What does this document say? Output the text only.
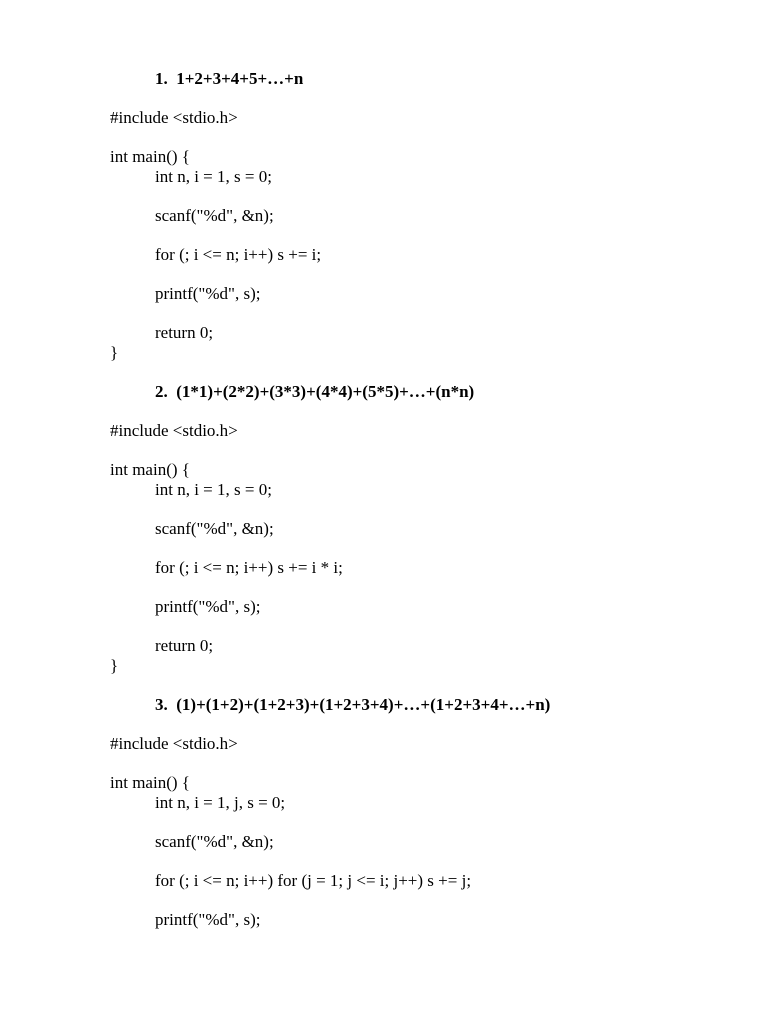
1.  1+2+3+4+5+…+n
#include <stdio.h>
int main() {
int n, i = 1, s = 0;
scanf("%d", &n);
for (; i <= n; i++) s += i;
printf("%d", s);
return 0;
}
2.  (1*1)+(2*2)+(3*3)+(4*4)+(5*5)+…+(n*n)
#include <stdio.h>
int main() {
int n, i = 1, s = 0;
scanf("%d", &n);
for (; i <= n; i++) s += i * i;
printf("%d", s);
return 0;
}
3.  (1)+(1+2)+(1+2+3)+(1+2+3+4)+…+(1+2+3+4+…+n)
#include <stdio.h>
int main() {
int n, i = 1, j, s = 0;
scanf("%d", &n);
for (; i <= n; i++) for (j = 1; j <= i; j++) s += j;
printf("%d", s);
